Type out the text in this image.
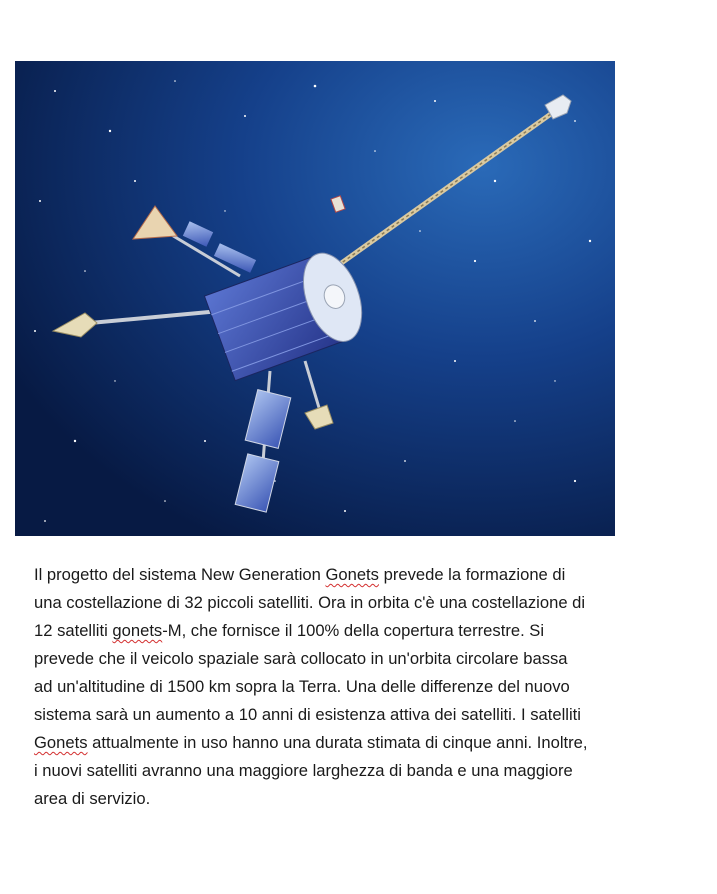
Il progetto del sistema New Generation Gonets prevede la formazione di
una costellazione di 32 piccoli satelliti. Ora in orbita c'è una costellazione di
12 satelliti gonets-M, che fornisce il 100% della copertura terrestre. Si
prevede che il veicolo spaziale sarà collocato in un'orbita circolare bassa
ad un'altitudine di 1500 km sopra la Terra. Una delle differenze del nuovo
sistema sarà un aumento a 10 anni di esistenza attiva dei satelliti. I satelliti
Gonets attualmente in uso hanno una durata stimata di cinque anni. Inoltre,
i nuovi satelliti avranno una maggiore larghezza di banda e una maggiore
area di servizio.
